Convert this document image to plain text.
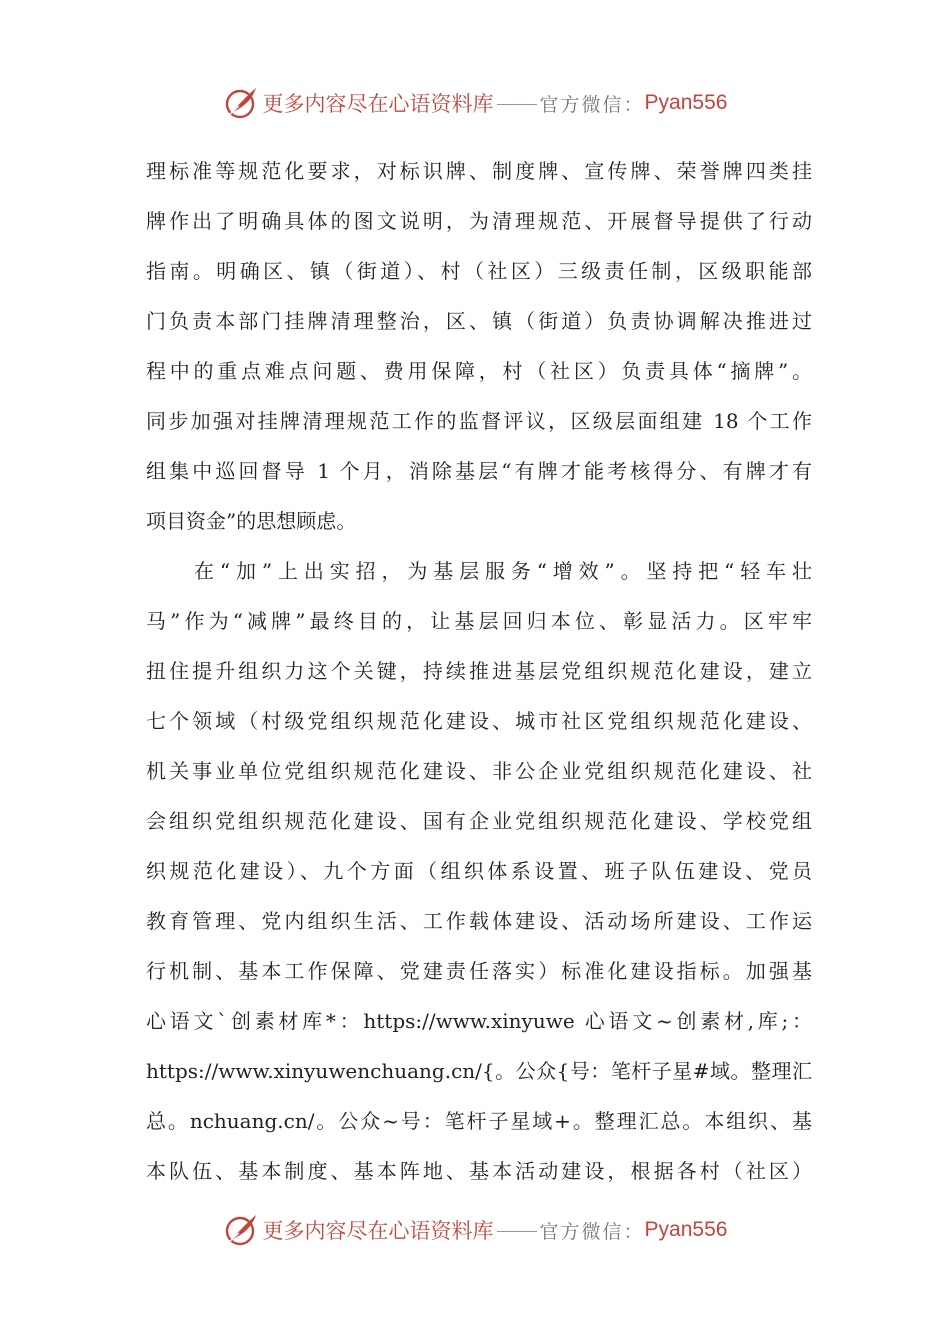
更多内容尽在心语资料库 官方微信： Pyan556
理标准等规范化要求，对标识牌、制度牌、宣传牌、荣誉牌四类挂
牌作出了明确具体的图文说明，为清理规范、开展督导提供了行动
指南。明确区、镇（街道）、村（社区）三级责任制，区级职能部
门负责本部门挂牌清理整治，区、镇（街道）负责协调解决推进过
程中的重点难点问题、费用保障，村（社区）负责具体“摘牌”。
同步加强对挂牌清理规范工作的监督评议，区级层面组建 18 个工作
组集中巡回督导 1 个月，消除基层“有牌才能考核得分、有牌才有
项目资金”的思想顾虑。
在“加”上出实招，为基层服务“增效”。坚持把“轻车壮
马”作为“减牌”最终目的，让基层回归本位、彰显活力。区牢牢
扭住提升组织力这个关键，持续推进基层党组织规范化建设，建立
七个领域（村级党组织规范化建设、城市社区党组织规范化建设、
机关事业单位党组织规范化建设、非公企业党组织规范化建设、社
会组织党组织规范化建设、国有企业党组织规范化建设、学校党组
织规范化建设）、九个方面（组织体系设置、班子队伍建设、党员
教育管理、党内组织生活、工作载体建设、活动场所建设、工作运
行机制、基本工作保障、党建责任落实）标准化建设指标。加强基
心语文`创素材库*：https://www.xinyuwe 心语文~创素材,库;：
https://www.xinyuwenchuang.cn/{。公众{号：笔杆子星#域。整理汇
总。nchuang.cn/。公众~号：笔杆子星域+。整理汇总。本组织、基
本队伍、基本制度、基本阵地、基本活动建设，根据各村（社区）
更多内容尽在心语资料库 官方微信： Pyan556
